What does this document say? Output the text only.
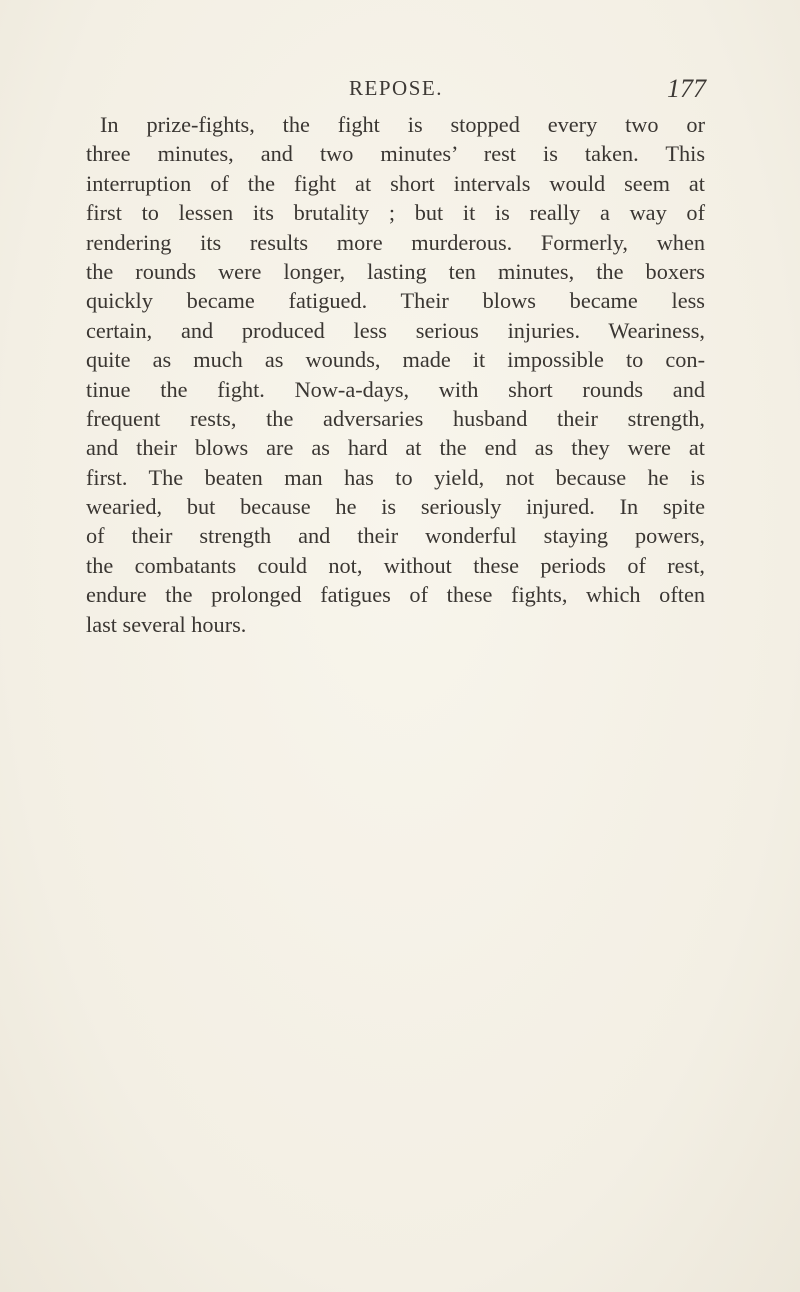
REPOSE.	177
In prize-fights, the fight is stopped every two or
three minutes, and two minutes’ rest is taken. This
interruption of the fight at short intervals would seem at
first to lessen its brutality ; but it is really a way of
rendering its results more murderous. Formerly, when
the rounds were longer, lasting ten minutes, the boxers
quickly became fatigued. Their blows became less
certain, and produced less serious injuries. Weariness,
quite as much as wounds, made it impossible to con-
tinue the fight. Now-a-days, with short rounds and
frequent rests, the adversaries husband their strength,
and their blows are as hard at the end as they were at
first. The beaten man has to yield, not because he is
wearied, but because he is seriously injured. In spite
of their strength and their wonderful staying powers,
the combatants could not, without these periods of rest,
endure the prolonged fatigues of these fights, which often
last several hours.
